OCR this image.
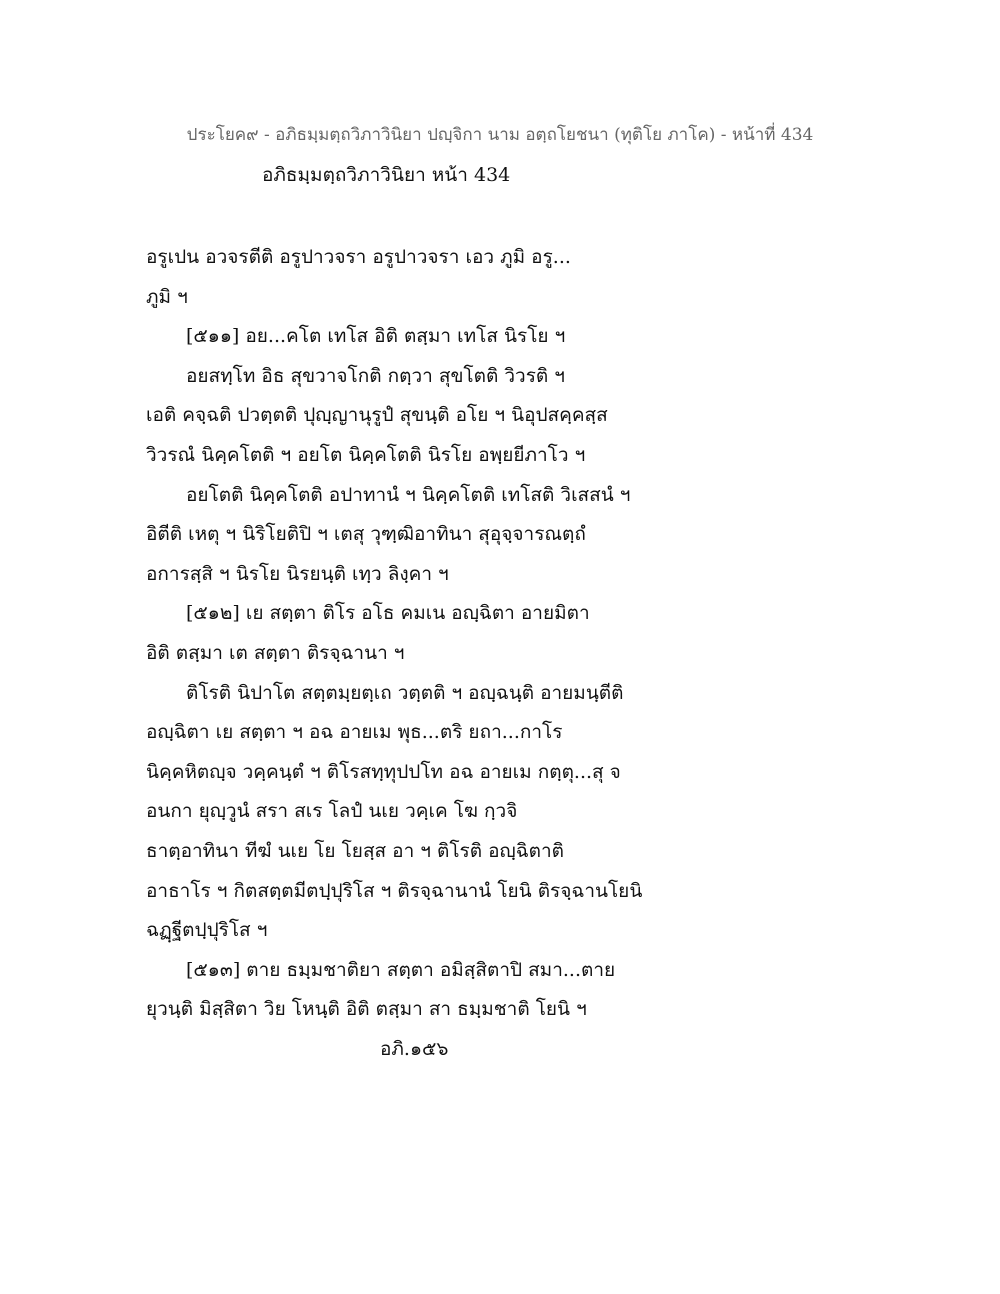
ประโยค๙ - อภิธมฺมตฺถวิภาวินิยา ปญฺจิกา นาม อตฺถโยชนา (ทุติโย ภาโค) - หน้าที่ 434
อภิธมฺมตฺถวิภาวินิยา หน้า 434
อรูเปน อวจรตีติ อรูปาวจรา อรูปาวจรา เอว ภูมิ อรู...
ภูมิ ฯ
[๕๑๑] อย...คโต เทโส อิติ ตสฺมา เทโส นิรโย ฯ
อยสทฺโท อิธ สุขวาจโกติ กตฺวา สุขโตติ วิวรติ ฯ
เอติ คจฺฉติ ปวตฺตติ ปุญฺญานุรูปํ สุขนฺติ อโย ฯ นิอุปสคฺคสฺส
วิวรณํ นิคฺคโตติ ฯ อยโต นิคฺคโตติ นิรโย อพฺยยีภาโว ฯ
อยโตติ นิคฺคโตติ อปาทานํ ฯ นิคฺคโตติ เทโสติ วิเสสนํ ฯ
อิตีติ เหตุ ฯ นิริโยติปิ ฯ เตสุ วุฑฺฒิอาทินา สุอุจฺจารณตฺถํ
อการสฺสิ ฯ นิรโย นิรยนฺติ เทฺว ลิงฺคา ฯ
[๕๑๒] เย สตฺตา ติโร อโธ คมเน อญฺฉิตา อายมิตา
อิติ ตสฺมา เต สตฺตา ติรจฺฉานา ฯ
ติโรติ นิปาโต สตฺตมฺยตฺเถ วตฺตติ ฯ อญฺฉนฺติ อายมนฺตีติ
อญฺฉิตา เย สตฺตา ฯ อฉ อายเม พุธ...ตริ ยถา...กาโร
นิคฺคหิตญฺจ วคฺคนฺตํ ฯ ติโรสทฺทุปปโท อฉ อายเม กตฺตุ...สุ จ
อนกา ยุญฺวูนํ สรา สเร โลปํ นเย วคฺเค โฆ กฺวจิ
ธาตฺอาทินา ทีฆํ นเย โย โยสฺส อา ฯ ติโรติ อญฺฉิตาติ
อาธาโร ฯ กิตสตฺตมีตปฺปุริโส ฯ ติรจฺฉานานํ โยนิ ติรจฺฉานโยนิ
ฉฏฺฐีตปฺปุริโส ฯ
[๕๑๓] ตาย ธมฺมชาติยา สตฺตา อมิสฺสิตาปิ สมา...ตาย
ยุวนฺติ มิสฺสิตา วิย โหนฺติ อิติ ตสฺมา สา ธมฺมชาติ โยนิ ฯ
อภิ.๑๕๖
